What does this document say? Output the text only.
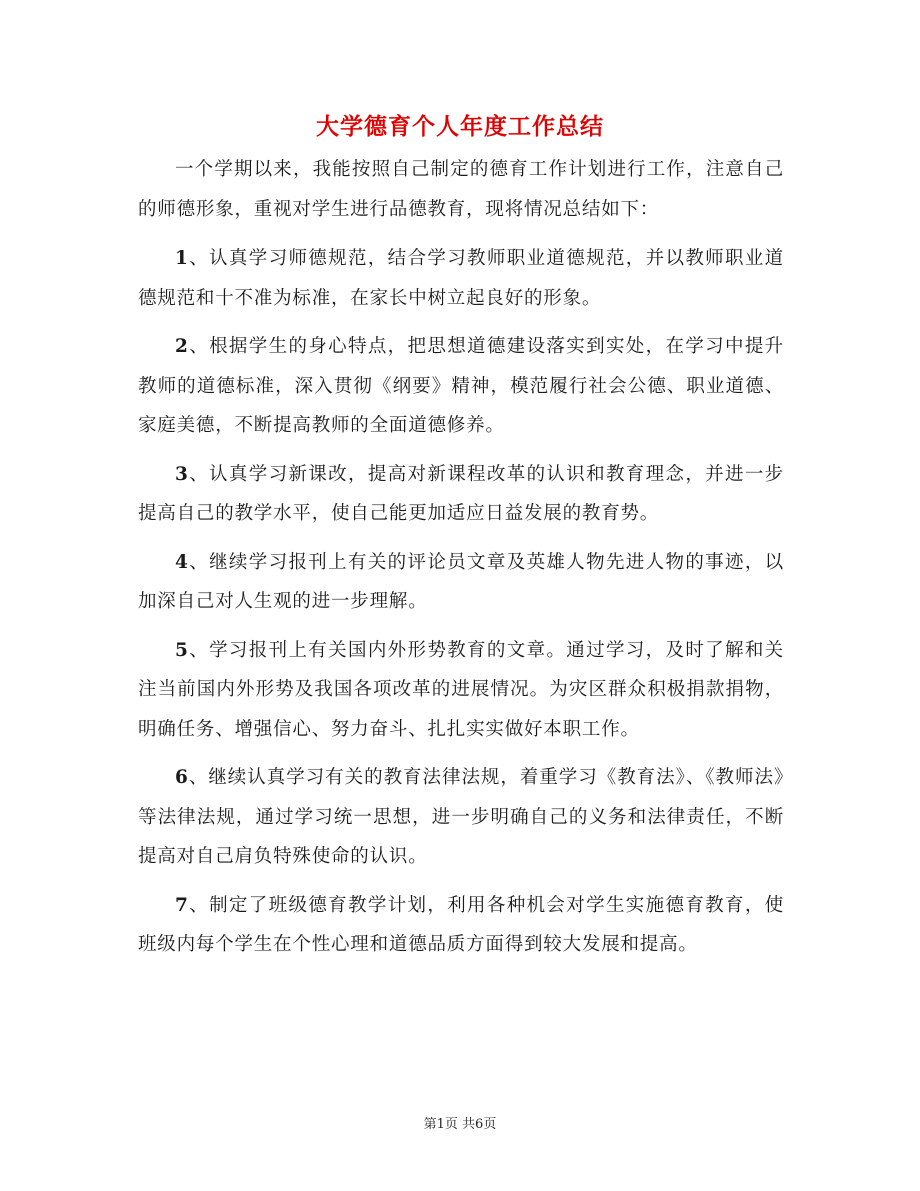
大学德育个人年度工作总结

一个学期以来，我能按照自己制定的德育工作计划进行工作，注意自己的师德形象，重视对学生进行品德教育，现将情况总结如下：

1、认真学习师德规范，结合学习教师职业道德规范，并以教师职业道德规范和十不准为标准，在家长中树立起良好的形象。

2、根据学生的身心特点，把思想道德建设落实到实处，在学习中提升教师的道德标准，深入贯彻《纲要》精神，模范履行社会公德、职业道德、家庭美德，不断提高教师的全面道德修养。

3、认真学习新课改，提高对新课程改革的认识和教育理念，并进一步提高自己的教学水平，使自己能更加适应日益发展的教育势。

4、继续学习报刊上有关的评论员文章及英雄人物先进人物的事迹，以加深自己对人生观的进一步理解。

5、学习报刊上有关国内外形势教育的文章。通过学习，及时了解和关注当前国内外形势及我国各项改革的进展情况。为灾区群众积极捐款捐物，明确任务、增强信心、努力奋斗、扎扎实实做好本职工作。

6、继续认真学习有关的教育法律法规，着重学习《教育法》、《教师法》等法律法规，通过学习统一思想，进一步明确自己的义务和法律责任，不断提高对自己肩负特殊使命的认识。

7、制定了班级德育教学计划，利用各种机会对学生实施德育教育，使班级内每个学生在个性心理和道德品质方面得到较大发展和提高。

第1页 共6页
